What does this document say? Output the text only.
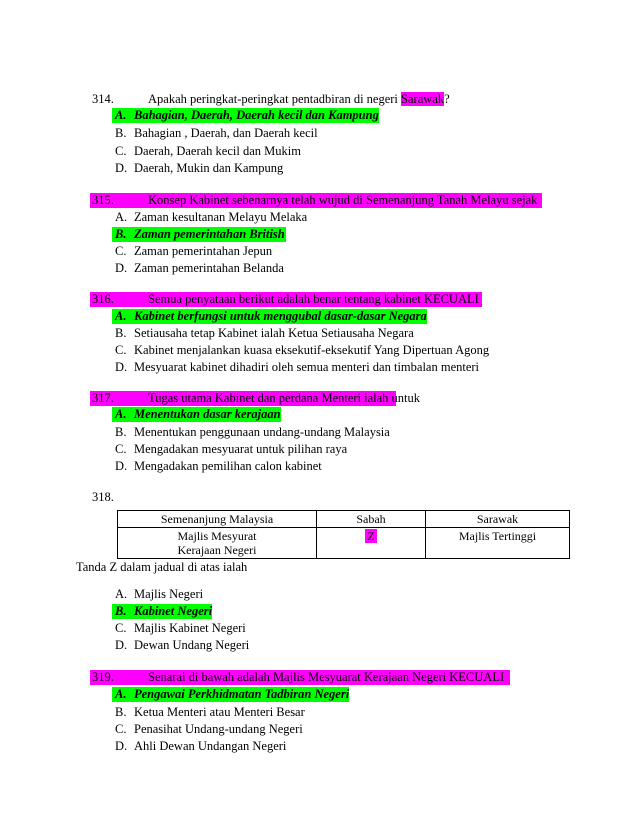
314.	Apakah peringkat-peringkat pentadbiran di negeri Sarawak?
A. Bahagian, Daerah, Daerah kecil dan Kampung
B. Bahagian , Daerah, dan Daerah kecil
C. Daerah, Daerah kecil dan Mukim
D. Daerah, Mukin dan Kampung
315.	Konsep Kabinet sebenarnya telah wujud di Semenanjung Tanah Melayu sejak
A. Zaman kesultanan Melayu Melaka
B. Zaman pemerintahan British
C. Zaman pemerintahan Jepun
D. Zaman pemerintahan Belanda
316.	Semua penyataan berikut adalah benar tentang kabinet KECUALI
A. Kabinet berfungsi untuk menggubal dasar-dasar Negara
B. Setiausaha tetap Kabinet ialah Ketua Setiausaha Negara
C. Kabinet menjalankan kuasa eksekutif-eksekutif Yang Dipertuan Agong
D. Mesyuarat kabinet dihadiri oleh semua menteri dan timbalan menteri
317.	Tugas utama Kabinet dan perdana Menteri ialah untuk
A. Menentukan dasar kerajaan
B. Menentukan penggunaan undang-undang Malaysia
C. Mengadakan mesyuarat untuk pilihan raya
D. Mengadakan pemilihan calon kabinet
318.
Semenanjung Malaysia	Sabah	Sarawak
Majlis Mesyurat
Kerajaan Negeri	Z	Majlis Tertinggi
Tanda Z dalam jadual di atas ialah
A. Majlis Negeri
B. Kabinet Negeri
C. Majlis Kabinet Negeri
D. Dewan Undang Negeri
319.	Senarai di bawah adalah Majlis Mesyuarat Kerajaan Negeri KECUALI
A. Pengawai Perkhidmatan Tadbiran Negeri
B. Ketua Menteri atau Menteri Besar
C. Penasihat Undang-undang Negeri
D. Ahli Dewan Undangan Negeri
